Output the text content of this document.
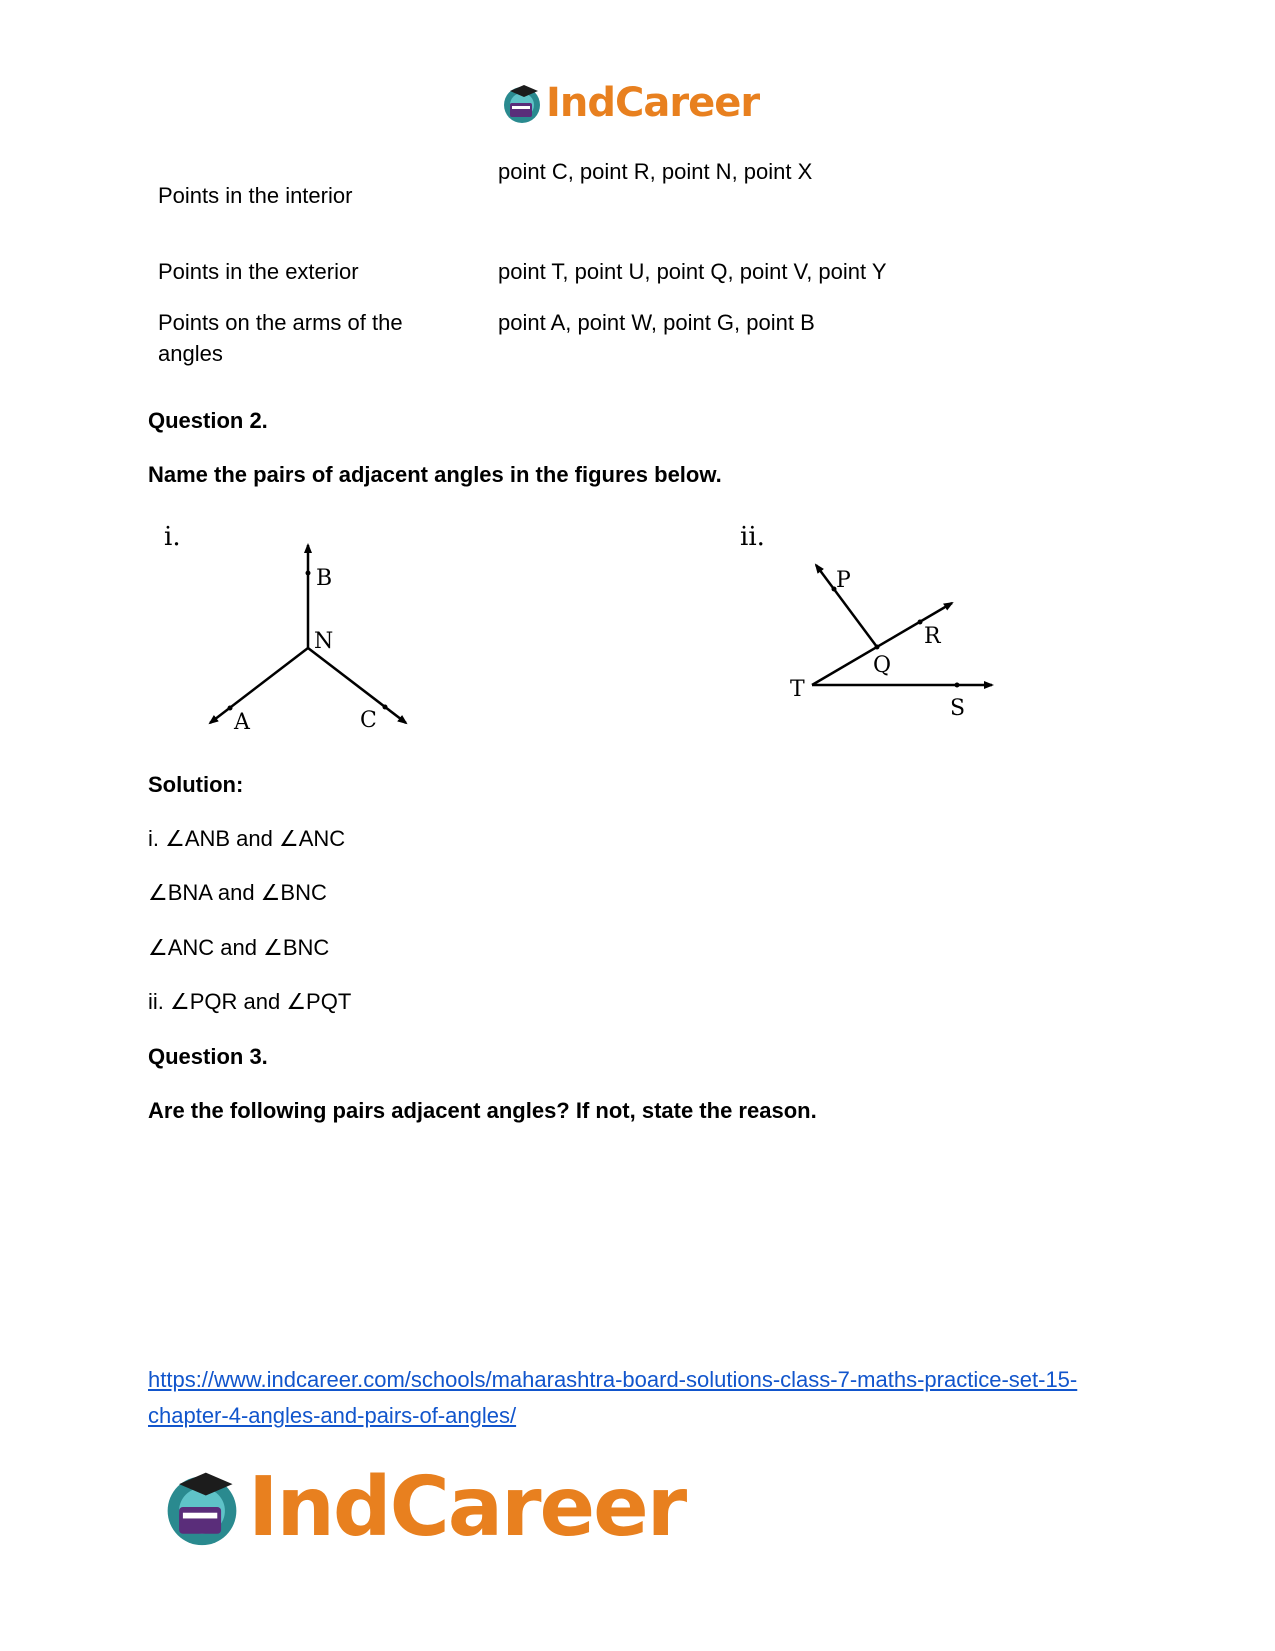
IndCareer
Points in the interior
point C, point R, point N, point X
Points in the exterior	point T, point U, point Q, point V, point Y
Points on the arms of the angles
point A, point W, point G, point B
Question 2.
Name the pairs of adjacent angles in the figures below.
i.
B
N
A	C
ii.
P
Q
R
T
S
Solution:
i. ∠ANB and ∠ANC
∠BNA and ∠BNC
∠ANC and ∠BNC
ii. ∠PQR and ∠PQT
Question 3.
Are the following pairs adjacent angles? If not, state the reason.
https://www.indcareer.com/schools/maharashtra-board-solutions-class-7-maths-practice-set-15-
chapter-4-angles-and-pairs-of-angles/
IndCareer
